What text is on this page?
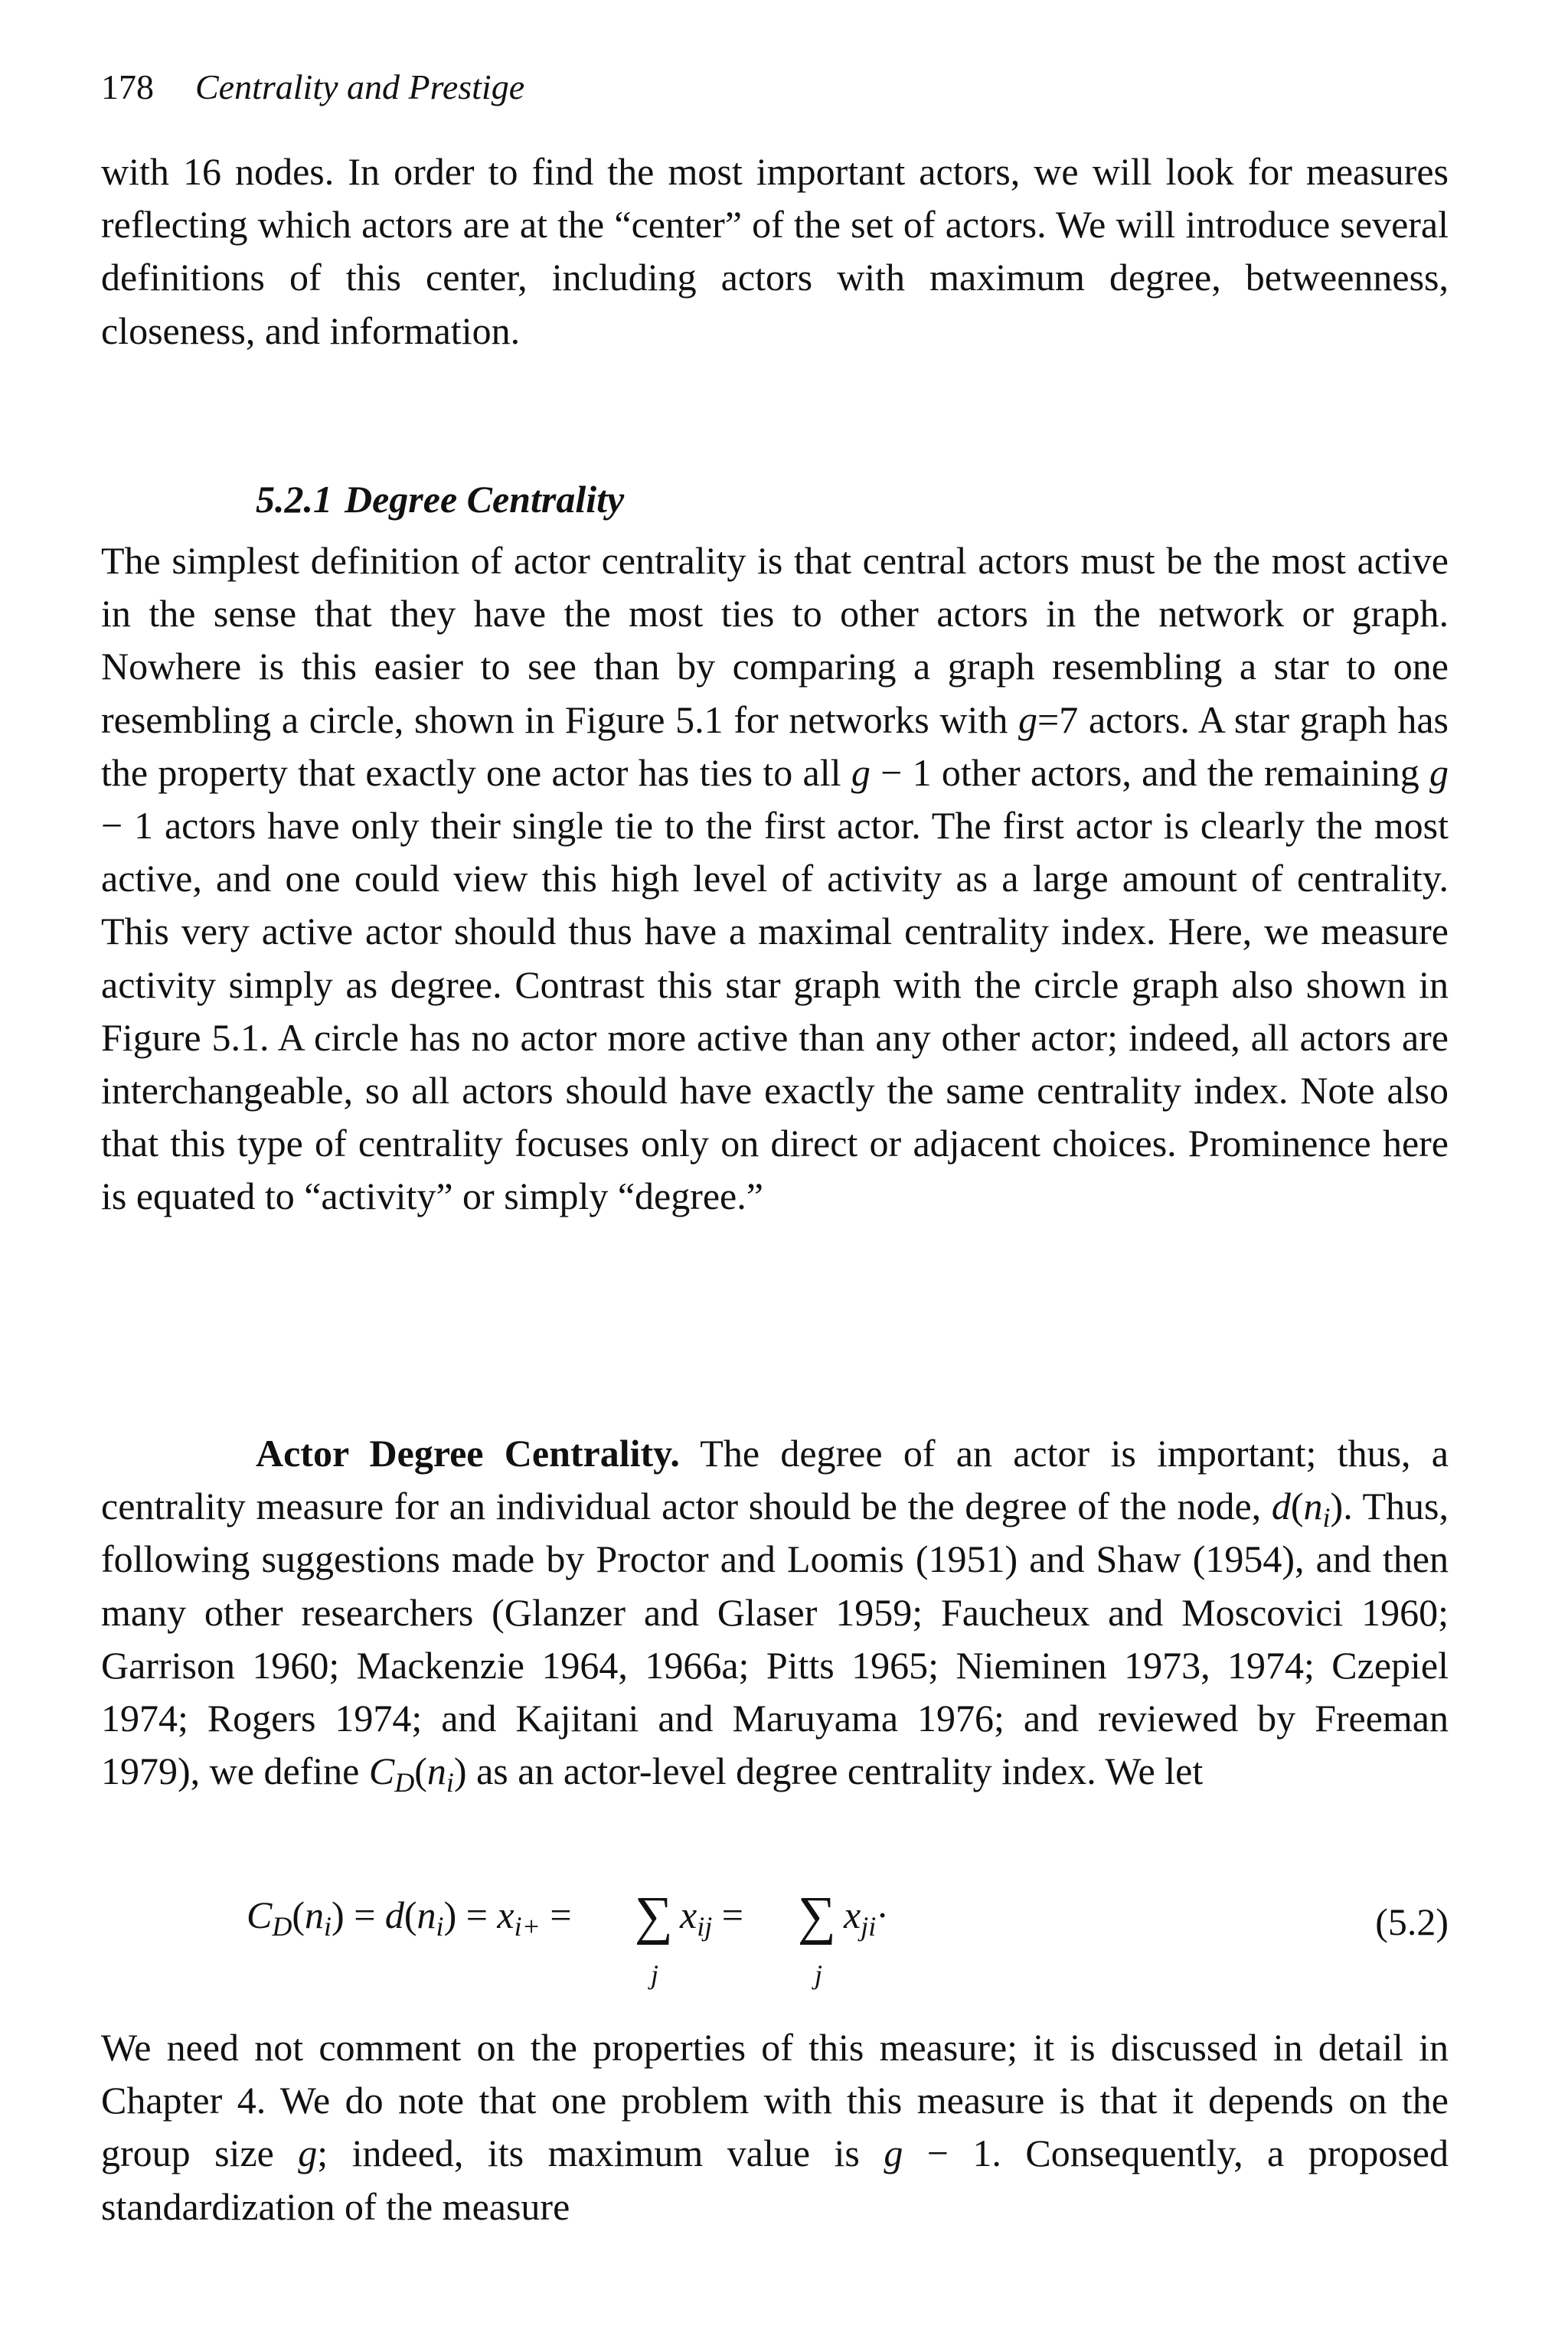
178 Centrality and Prestige

with 16 nodes. In order to find the most important actors, we will look for measures reflecting which actors are at the “center” of the set of actors. We will introduce several definitions of this center, including actors with maximum degree, betweenness, closeness, and information.

5.2.1 Degree Centrality

The simplest definition of actor centrality is that central actors must be the most active in the sense that they have the most ties to other actors in the network or graph. Nowhere is this easier to see than by comparing a graph resembling a star to one resembling a circle, shown in Figure 5.1 for networks with g=7 actors. A star graph has the property that exactly one actor has ties to all g − 1 other actors, and the remaining g − 1 actors have only their single tie to the first actor. The first actor is clearly the most active, and one could view this high level of activity as a large amount of centrality. This very active actor should thus have a maximal centrality index. Here, we measure activity simply as degree. Contrast this star graph with the circle graph also shown in Figure 5.1. A circle has no actor more active than any other actor; indeed, all actors are interchangeable, so all actors should have exactly the same centrality index. Note also that this type of centrality focuses only on direct or adjacent choices. Prominence here is equated to “activity” or simply “degree.”

Actor Degree Centrality. The degree of an actor is important; thus, a centrality measure for an individual actor should be the degree of the node, $d(n_i)$. Thus, following suggestions made by Proctor and Loomis (1951) and Shaw (1954), and then many other researchers (Glanzer and Glaser 1959; Faucheux and Moscovici 1960; Garrison 1960; Mackenzie 1964, 1966a; Pitts 1965; Nieminen 1973, 1974; Czepiel 1974; Rogers 1974; and Kajitani and Maruyama 1976; and reviewed by Freeman 1979), we define $C_D(n_i)$ as an actor-level degree centrality index. We let

$C_D(n_i) = d(n_i) = x_{i+}$ = ∑
j
$x_{ij}$ = ∑
j
$x_{ji}\cdot$	(5.2)

We need not comment on the properties of this measure; it is discussed in detail in Chapter 4. We do note that one problem with this measure is that it depends on the group size g; indeed, its maximum value is g − 1. Consequently, a proposed standardization of the measure
